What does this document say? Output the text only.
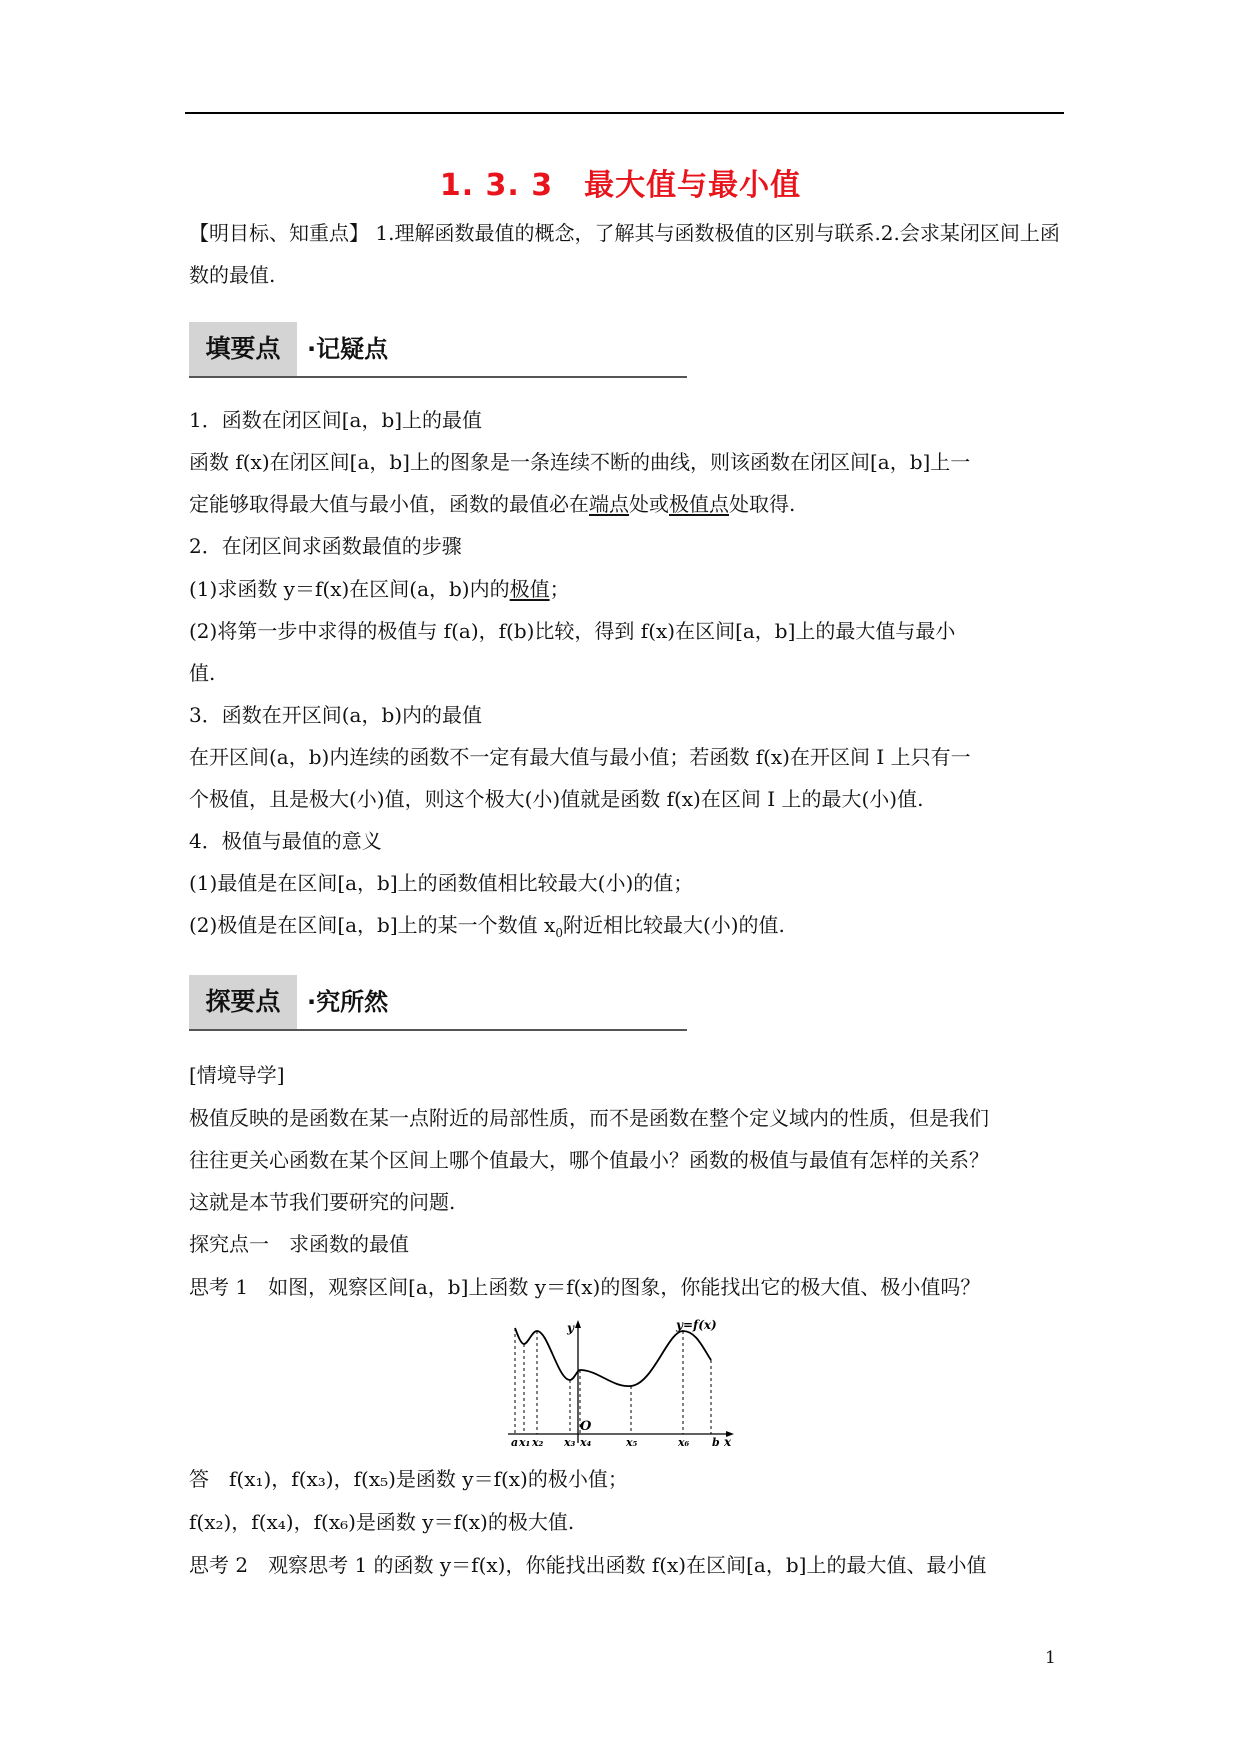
1. 3. 3　最大值与最小值
【明目标、知重点】 1.理解函数最值的概念，了解其与函数极值的区别与联系.2.会求某闭区间上函数的最值.
填要点	·记疑点
1．函数在闭区间[a，b]上的最值
函数 f(x)在闭区间[a，b]上的图象是一条连续不断的曲线，则该函数在闭区间[a，b]上一
定能够取得最大值与最小值，函数的最值必在端点处或极值点处取得.
2．在闭区间求函数最值的步骤
(1)求函数 y＝f(x)在区间(a，b)内的极值；
(2)将第一步中求得的极值与 f(a)，f(b)比较，得到 f(x)在区间[a，b]上的最大值与最小
值.
3．函数在开区间(a，b)内的最值
在开区间(a，b)内连续的函数不一定有最大值与最小值；若函数 f(x)在开区间 I 上只有一
个极值，且是极大(小)值，则这个极大(小)值就是函数 f(x)在区间 I 上的最大(小)值.
4．极值与最值的意义
(1)最值是在区间[a，b]上的函数值相比较最大(小)的值；
(2)极值是在区间[a，b]上的某一个数值 $x_0$附近相比较最大(小)的值.
探要点	·究所然
[情境导学]
极值反映的是函数在某一点附近的局部性质，而不是函数在整个定义域内的性质，但是我们
往往更关心函数在某个区间上哪个值最大，哪个值最小？函数的极值与最值有怎样的关系？
这就是本节我们要研究的问题.
探究点一　求函数的最值
思考 1　如图，观察区间[a，b]上函数 y＝f(x)的图象，你能找出它的极大值、极小值吗？
y	y=f(x)
O
x
a x₁ x₂ x₃ x₄	x₅	x₆ b
答　f(x₁)，f(x₃)，f(x₅)是函数 y＝f(x)的极小值；
f(x₂)，f(x₄)，f(x₆)是函数 y＝f(x)的极大值.
思考 2　观察思考 1 的函数 y＝f(x)，你能找出函数 f(x)在区间[a，b]上的最大值、最小值
1
